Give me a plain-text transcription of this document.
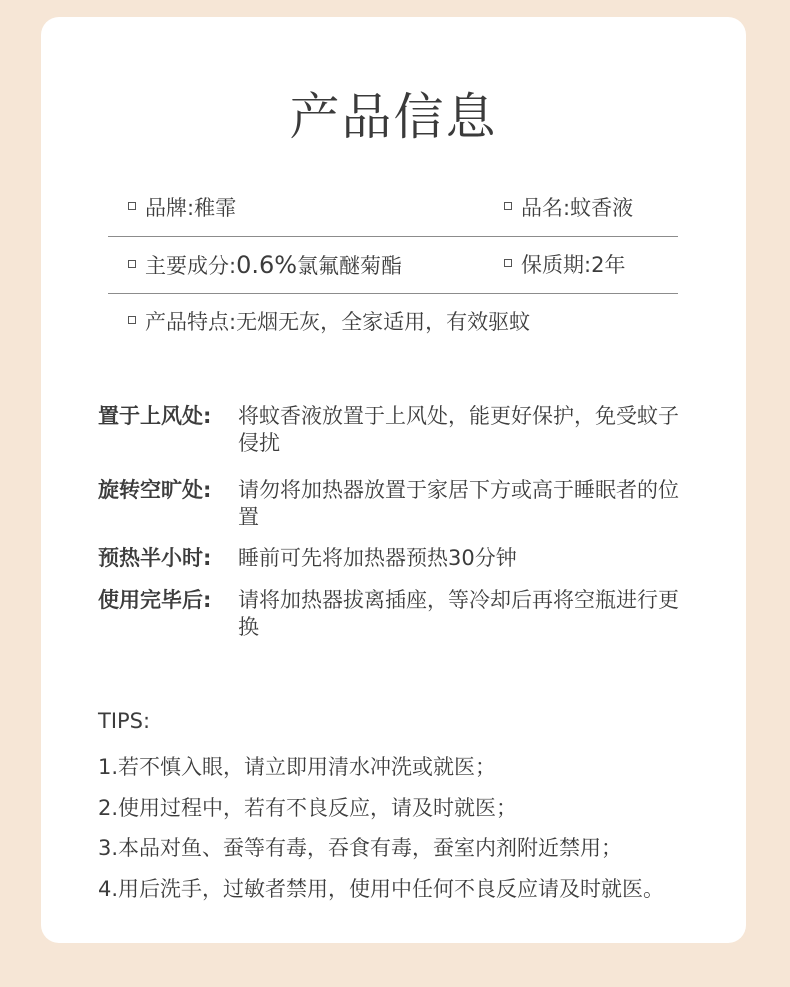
产品信息
品牌:稚霏	品名:蚊香液
主要成分:0.6%氯氟醚菊酯	保质期:2年
产品特点:无烟无灰，全家适用，有效驱蚊
置于上风处: 将蚊香液放置于上风处，能更好保护，免受蚊子侵扰
旋转空旷处: 请勿将加热器放置于家居下方或高于睡眠者的位置
预热半小时: 睡前可先将加热器预热30分钟
使用完毕后: 请将加热器拔离插座，等冷却后再将空瓶进行更换
TIPS:
1.若不慎入眼，请立即用清水冲洗或就医；
2.使用过程中，若有不良反应，请及时就医；
3.本品对鱼、蚕等有毒，吞食有毒，蚕室内剂附近禁用；
4.用后洗手，过敏者禁用，使用中任何不良反应请及时就医。
